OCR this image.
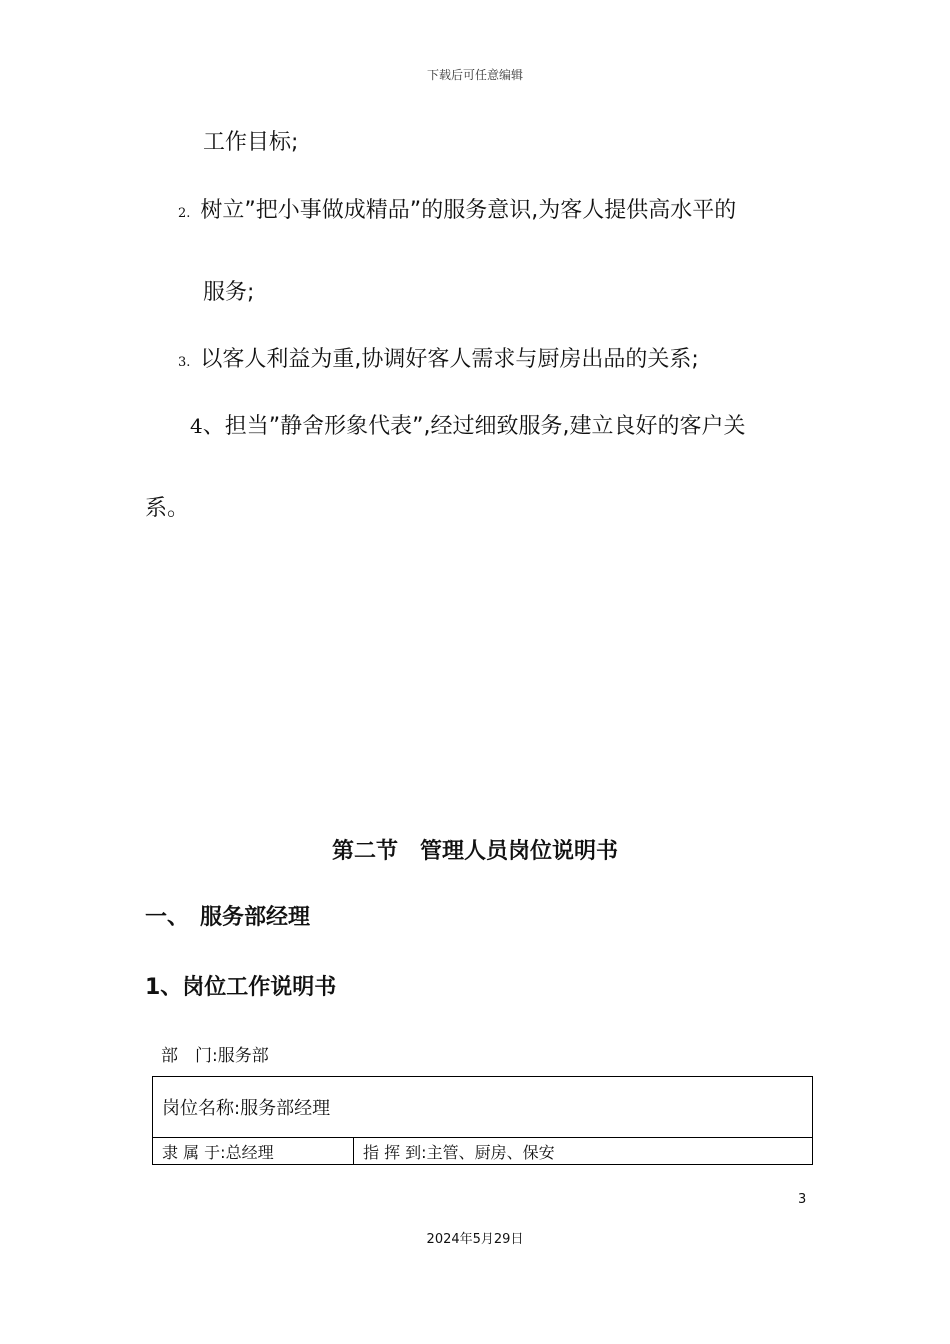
下载后可任意编辑
工作目标;
2. 树立”把小事做成精品”的服务意识,为客人提供高水平的
服务;
3. 以客人利益为重,协调好客人需求与厨房出品的关系;
4、担当”静舍形象代表”,经过细致服务,建立良好的客户关
系。
第二节　管理人员岗位说明书
一、　服务部经理
1、岗位工作说明书
部　门:服务部
岗位名称:服务部经理
隶 属 于:总经理	指 挥 到:主管、厨房、保安
3
2024年5月29日
